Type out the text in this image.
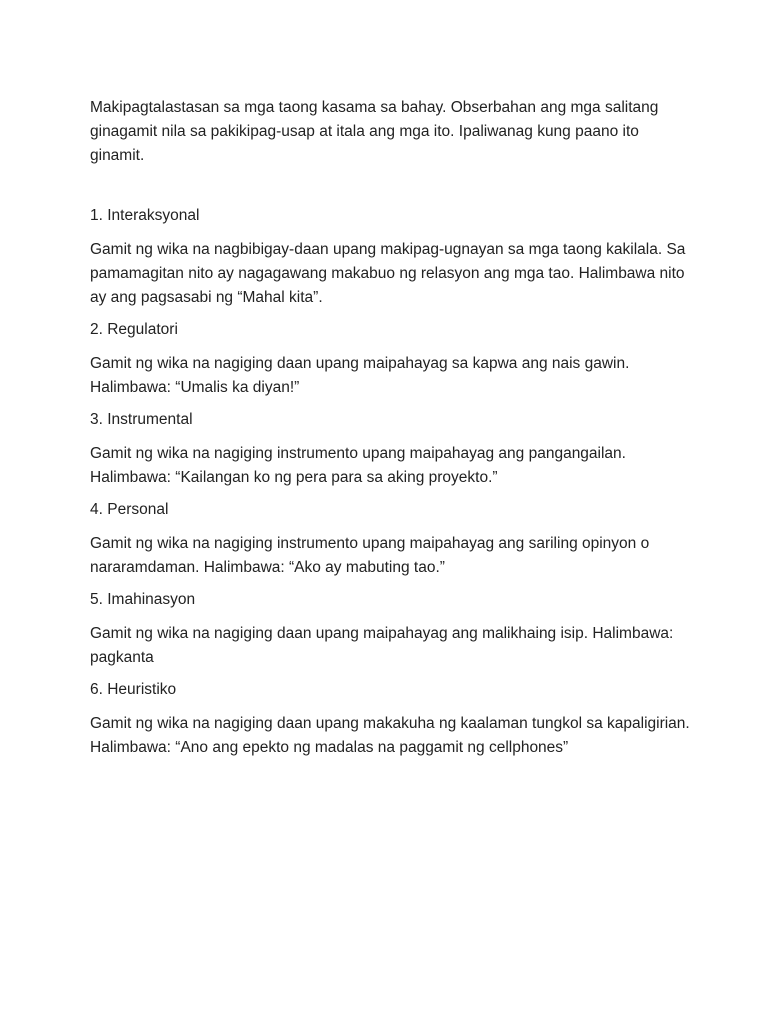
Makipagtalastasan sa mga taong kasama sa bahay. Obserbahan ang mga salitang ginagamit nila sa pakikipag-usap at itala ang mga ito. Ipaliwanag kung paano ito ginamit.

1. Interaksyonal

Gamit ng wika na nagbibigay-daan upang makipag-ugnayan sa mga taong kakilala. Sa pamamagitan nito ay nagagawang makabuo ng relasyon ang mga tao. Halimbawa nito ay ang pagsasabi ng “Mahal kita”.

2. Regulatori

Gamit ng wika na nagiging daan upang maipahayag sa kapwa ang nais gawin. Halimbawa: “Umalis ka diyan!”

3. Instrumental

Gamit ng wika na nagiging instrumento upang maipahayag ang pangangailan. Halimbawa: “Kailangan ko ng pera para sa aking proyekto.”

4. Personal

Gamit ng wika na nagiging instrumento upang maipahayag ang sariling opinyon o nararamdaman. Halimbawa: “Ako ay mabuting tao.”

5. Imahinasyon

Gamit ng wika na nagiging daan upang maipahayag ang malikhaing isip. Halimbawa: pagkanta

6. Heuristiko

Gamit ng wika na nagiging daan upang makakuha ng kaalaman tungkol sa kapaligirian. Halimbawa: “Ano ang epekto ng madalas na paggamit ng cellphones”
